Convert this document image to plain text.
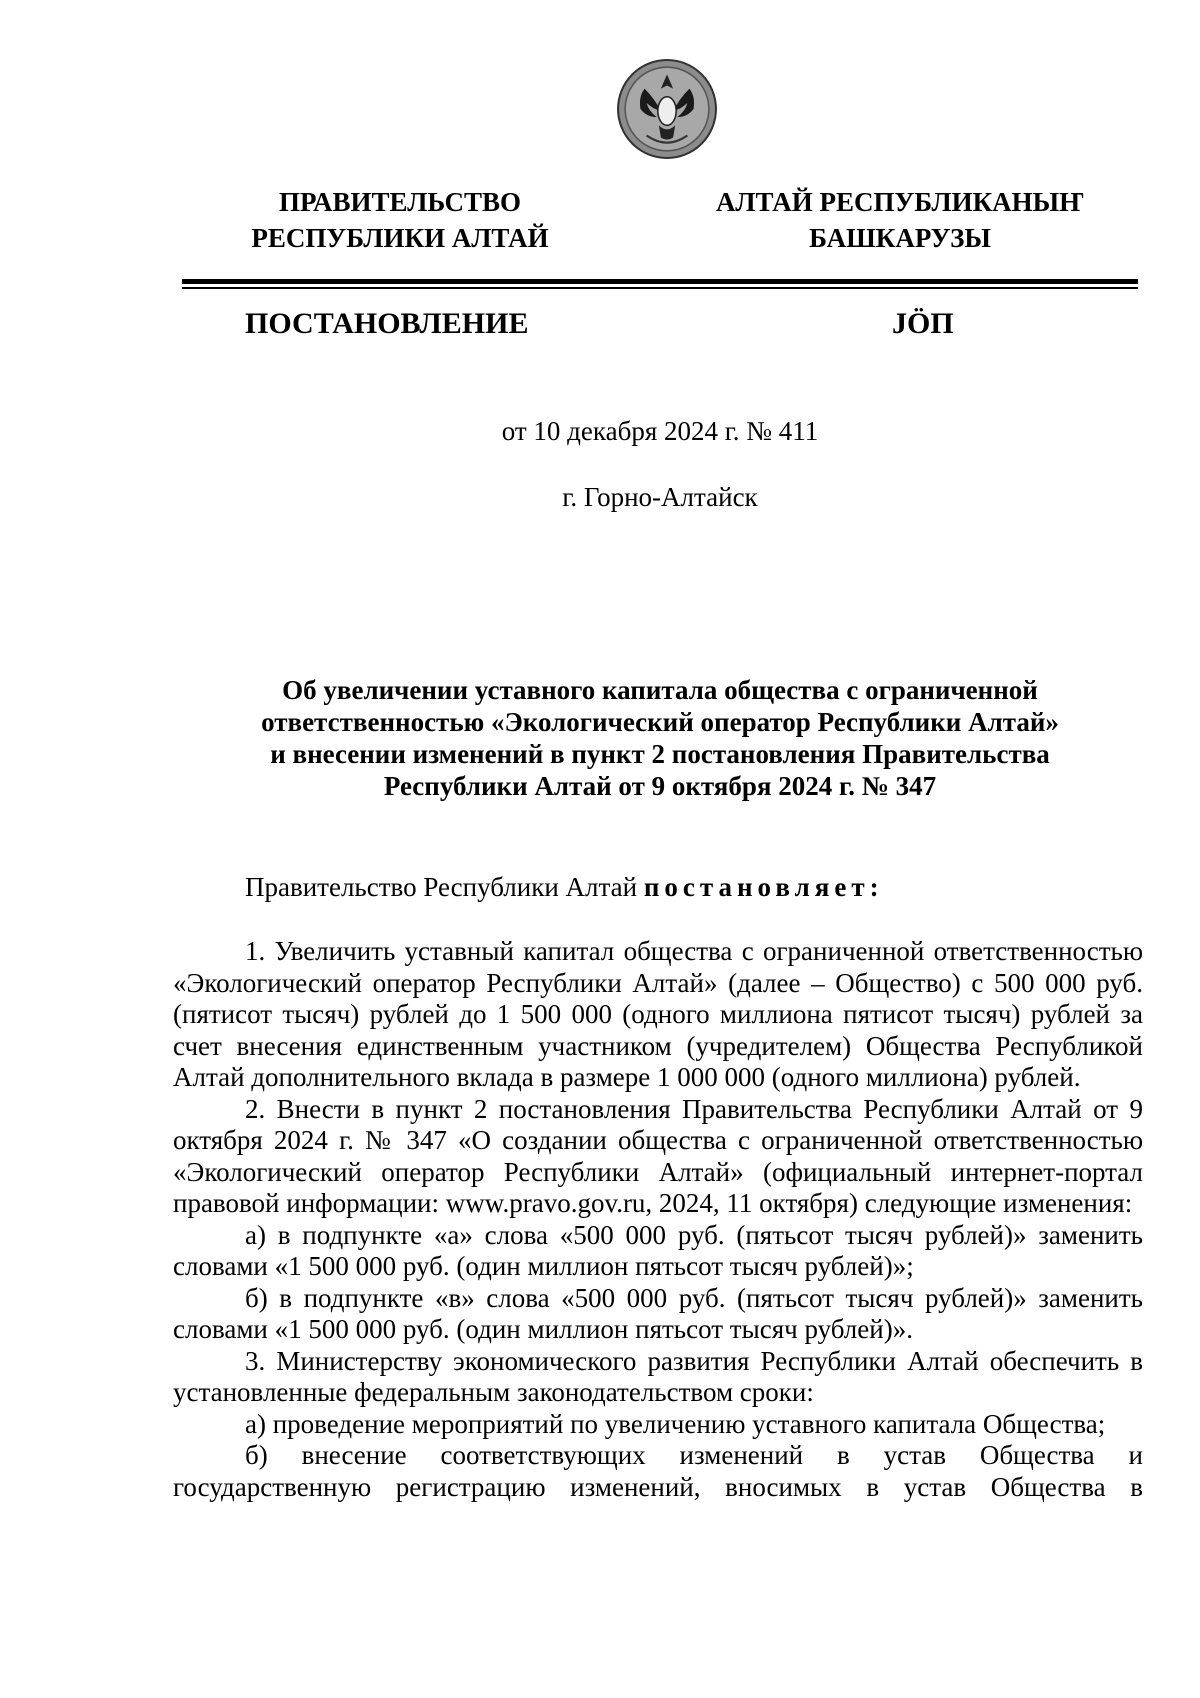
ПРАВИТЕЛЬСТВО
РЕСПУБЛИКИ АЛТАЙ
АЛТАЙ РЕСПУБЛИКАНЫҤ
БАШКАРУЗЫ
ПОСТАНОВЛЕНИЕ	JÖП
от 10 декабря 2024 г. № 411
г. Горно-Алтайск
Об увеличении уставного капитала общества с ограниченной
ответственностью «Экологический оператор Республики Алтай»
и внесении изменений в пункт 2 постановления Правительства
Республики Алтай от 9 октября 2024 г. № 347
Правительство Республики Алтай постановляет:

1. Увеличить уставный капитал общества с ограниченной ответственностью «Экологический оператор Республики Алтай» (далее – Общество) с 500 000 руб. (пятисот тысяч) рублей до 1 500 000 (одного миллиона пятисот тысяч) рублей за счет внесения единственным участником (учредителем) Общества Республикой Алтай дополнительного вклада в размере 1 000 000 (одного миллиона) рублей.

2. Внести в пункт 2 постановления Правительства Республики Алтай от 9 октября 2024 г. № 347 «О создании общества с ограниченной ответственностью «Экологический оператор Республики Алтай» (официальный интернет-портал правовой информации: www.pravo.gov.ru, 2024, 11 октября) следующие изменения:

а) в подпункте «а» слова «500 000 руб. (пятьсот тысяч рублей)» заменить словами «1 500 000 руб. (один миллион пятьсот тысяч рублей)»;

б) в подпункте «в» слова «500 000 руб. (пятьсот тысяч рублей)» заменить словами «1 500 000 руб. (один миллион пятьсот тысяч рублей)».

3. Министерству экономического развития Республики Алтай обеспечить в установленные федеральным законодательством сроки:

а) проведение мероприятий по увеличению уставного капитала Общества;

б) внесение соответствующих изменений в устав Общества и государственную регистрацию изменений, вносимых в устав Общества в
